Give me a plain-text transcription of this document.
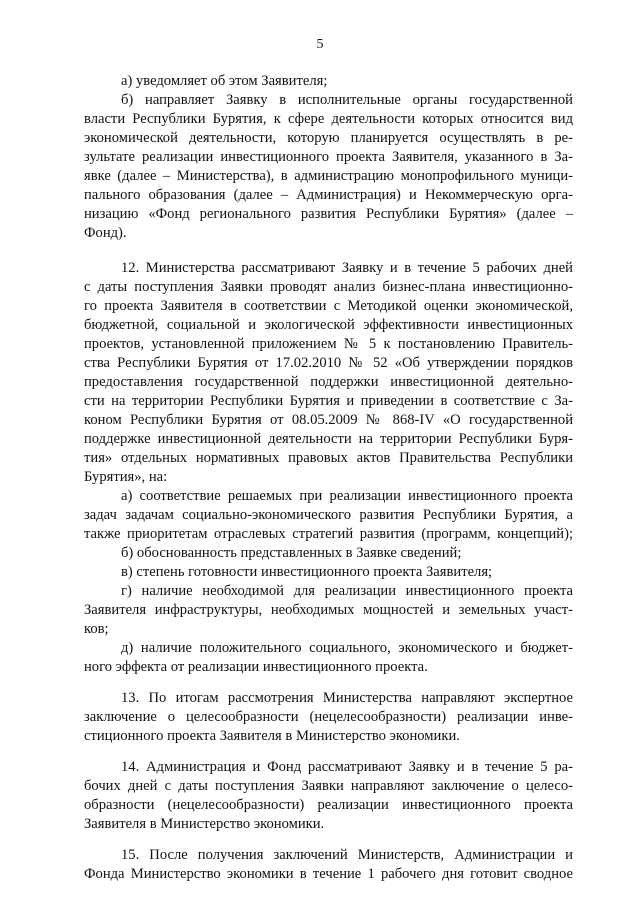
5
а) уведомляет об этом Заявителя;
б) направляет Заявку в исполнительные органы государственной
власти Республики Бурятия, к сфере деятельности которых относится вид
экономической деятельности, которую планируется осуществлять в ре-
зультате реализации инвестиционного проекта Заявителя, указанного в За-
явке (далее – Министерства), в администрацию монопрофильного муници-
пального образования (далее – Администрация) и Некоммерческую орга-
низацию «Фонд регионального развития Республики Бурятия» (далее –
Фонд).
12. Министерства рассматривают Заявку и в течение 5 рабочих дней
с даты поступления Заявки проводят анализ бизнес-плана инвестиционно-
го проекта Заявителя в соответствии с Методикой оценки экономической,
бюджетной, социальной и экологической эффективности инвестиционных
проектов, установленной приложением № 5 к постановлению Правитель-
ства Республики Бурятия от 17.02.2010 № 52 «Об утверждении порядков
предоставления государственной поддержки инвестиционной деятельно-
сти на территории Республики Бурятия и приведении в соответствие с За-
коном Республики Бурятия от 08.05.2009 № 868-IV «О государственной
поддержке инвестиционной деятельности на территории Республики Буря-
тия» отдельных нормативных правовых актов Правительства Республики
Бурятия», на:
а) соответствие решаемых при реализации инвестиционного проекта
задач задачам социально-экономического развития Республики Бурятия, а
также приоритетам отраслевых стратегий развития (программ, концепций);
б) обоснованность представленных в Заявке сведений;
в) степень готовности инвестиционного проекта Заявителя;
г) наличие необходимой для реализации инвестиционного проекта
Заявителя инфраструктуры, необходимых мощностей и земельных участ-
ков;
д) наличие положительного социального, экономического и бюджет-
ного эффекта от реализации инвестиционного проекта.
13. По итогам рассмотрения Министерства направляют экспертное
заключение о целесообразности (нецелесообразности) реализации инве-
стиционного проекта Заявителя в Министерство экономики.
14. Администрация и Фонд рассматривают Заявку и в течение 5 ра-
бочих дней с даты поступления Заявки направляют заключение о целесо-
образности (нецелесообразности) реализации инвестиционного проекта
Заявителя в Министерство экономики.
15. После получения заключений Министерств, Администрации и
Фонда Министерство экономики в течение 1 рабочего дня готовит сводное
